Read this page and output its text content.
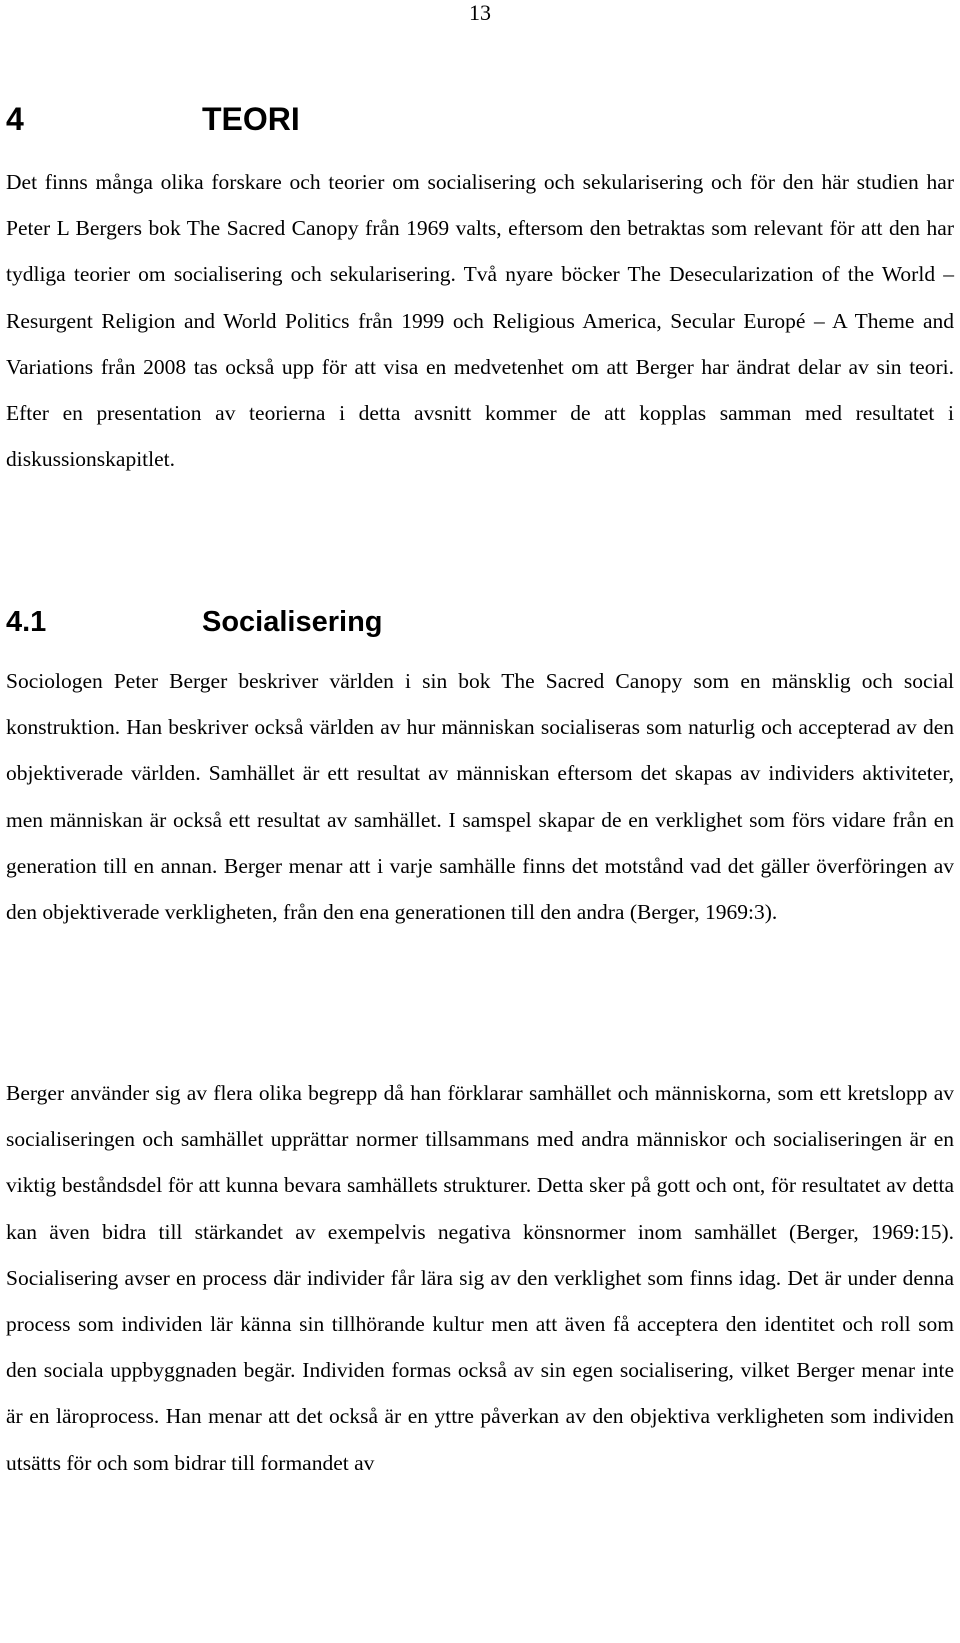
13
4	TEORI

Det finns många olika forskare och teorier om socialisering och sekularisering och för den här studien har Peter L Bergers bok The Sacred Canopy från 1969 valts, eftersom den betraktas som relevant för att den har tydliga teorier om socialisering och sekularisering. Två nyare böcker The Desecularization of the World – Resurgent Religion and World Politics från 1999 och Religious America, Secular Europé – A Theme and Variations från 2008 tas också upp för att visa en medvetenhet om att Berger har ändrat delar av sin teori. Efter en presentation av teorierna i detta avsnitt kommer de att kopplas samman med resultatet i diskussionskapitlet.

4.1	Socialisering

Sociologen Peter Berger beskriver världen i sin bok The Sacred Canopy som en mänsklig och social konstruktion. Han beskriver också världen av hur människan socialiseras som naturlig och accepterad av den objektiverade världen. Samhället är ett resultat av människan eftersom det skapas av individers aktiviteter, men människan är också ett resultat av samhället. I samspel skapar de en verklighet som förs vidare från en generation till en annan. Berger menar att i varje samhälle finns det motstånd vad det gäller överföringen av den objektiverade verkligheten, från den ena generationen till den andra (Berger, 1969:3).

Berger använder sig av flera olika begrepp då han förklarar samhället och människorna, som ett kretslopp av socialiseringen och samhället upprättar normer tillsammans med andra människor och socialiseringen är en viktig beståndsdel för att kunna bevara samhällets strukturer. Detta sker på gott och ont, för resultatet av detta kan även bidra till stärkandet av exempelvis negativa könsnormer inom samhället (Berger, 1969:15). Socialisering avser en process där individer får lära sig av den verklighet som finns idag. Det är under denna process som individen lär känna sin tillhörande kultur men att även få acceptera den identitet och roll som den sociala uppbyggnaden begär. Individen formas också av sin egen socialisering, vilket Berger menar inte är en läroprocess. Han menar att det också är en yttre påverkan av den objektiva verkligheten som individen utsätts för och som bidrar till formandet av
